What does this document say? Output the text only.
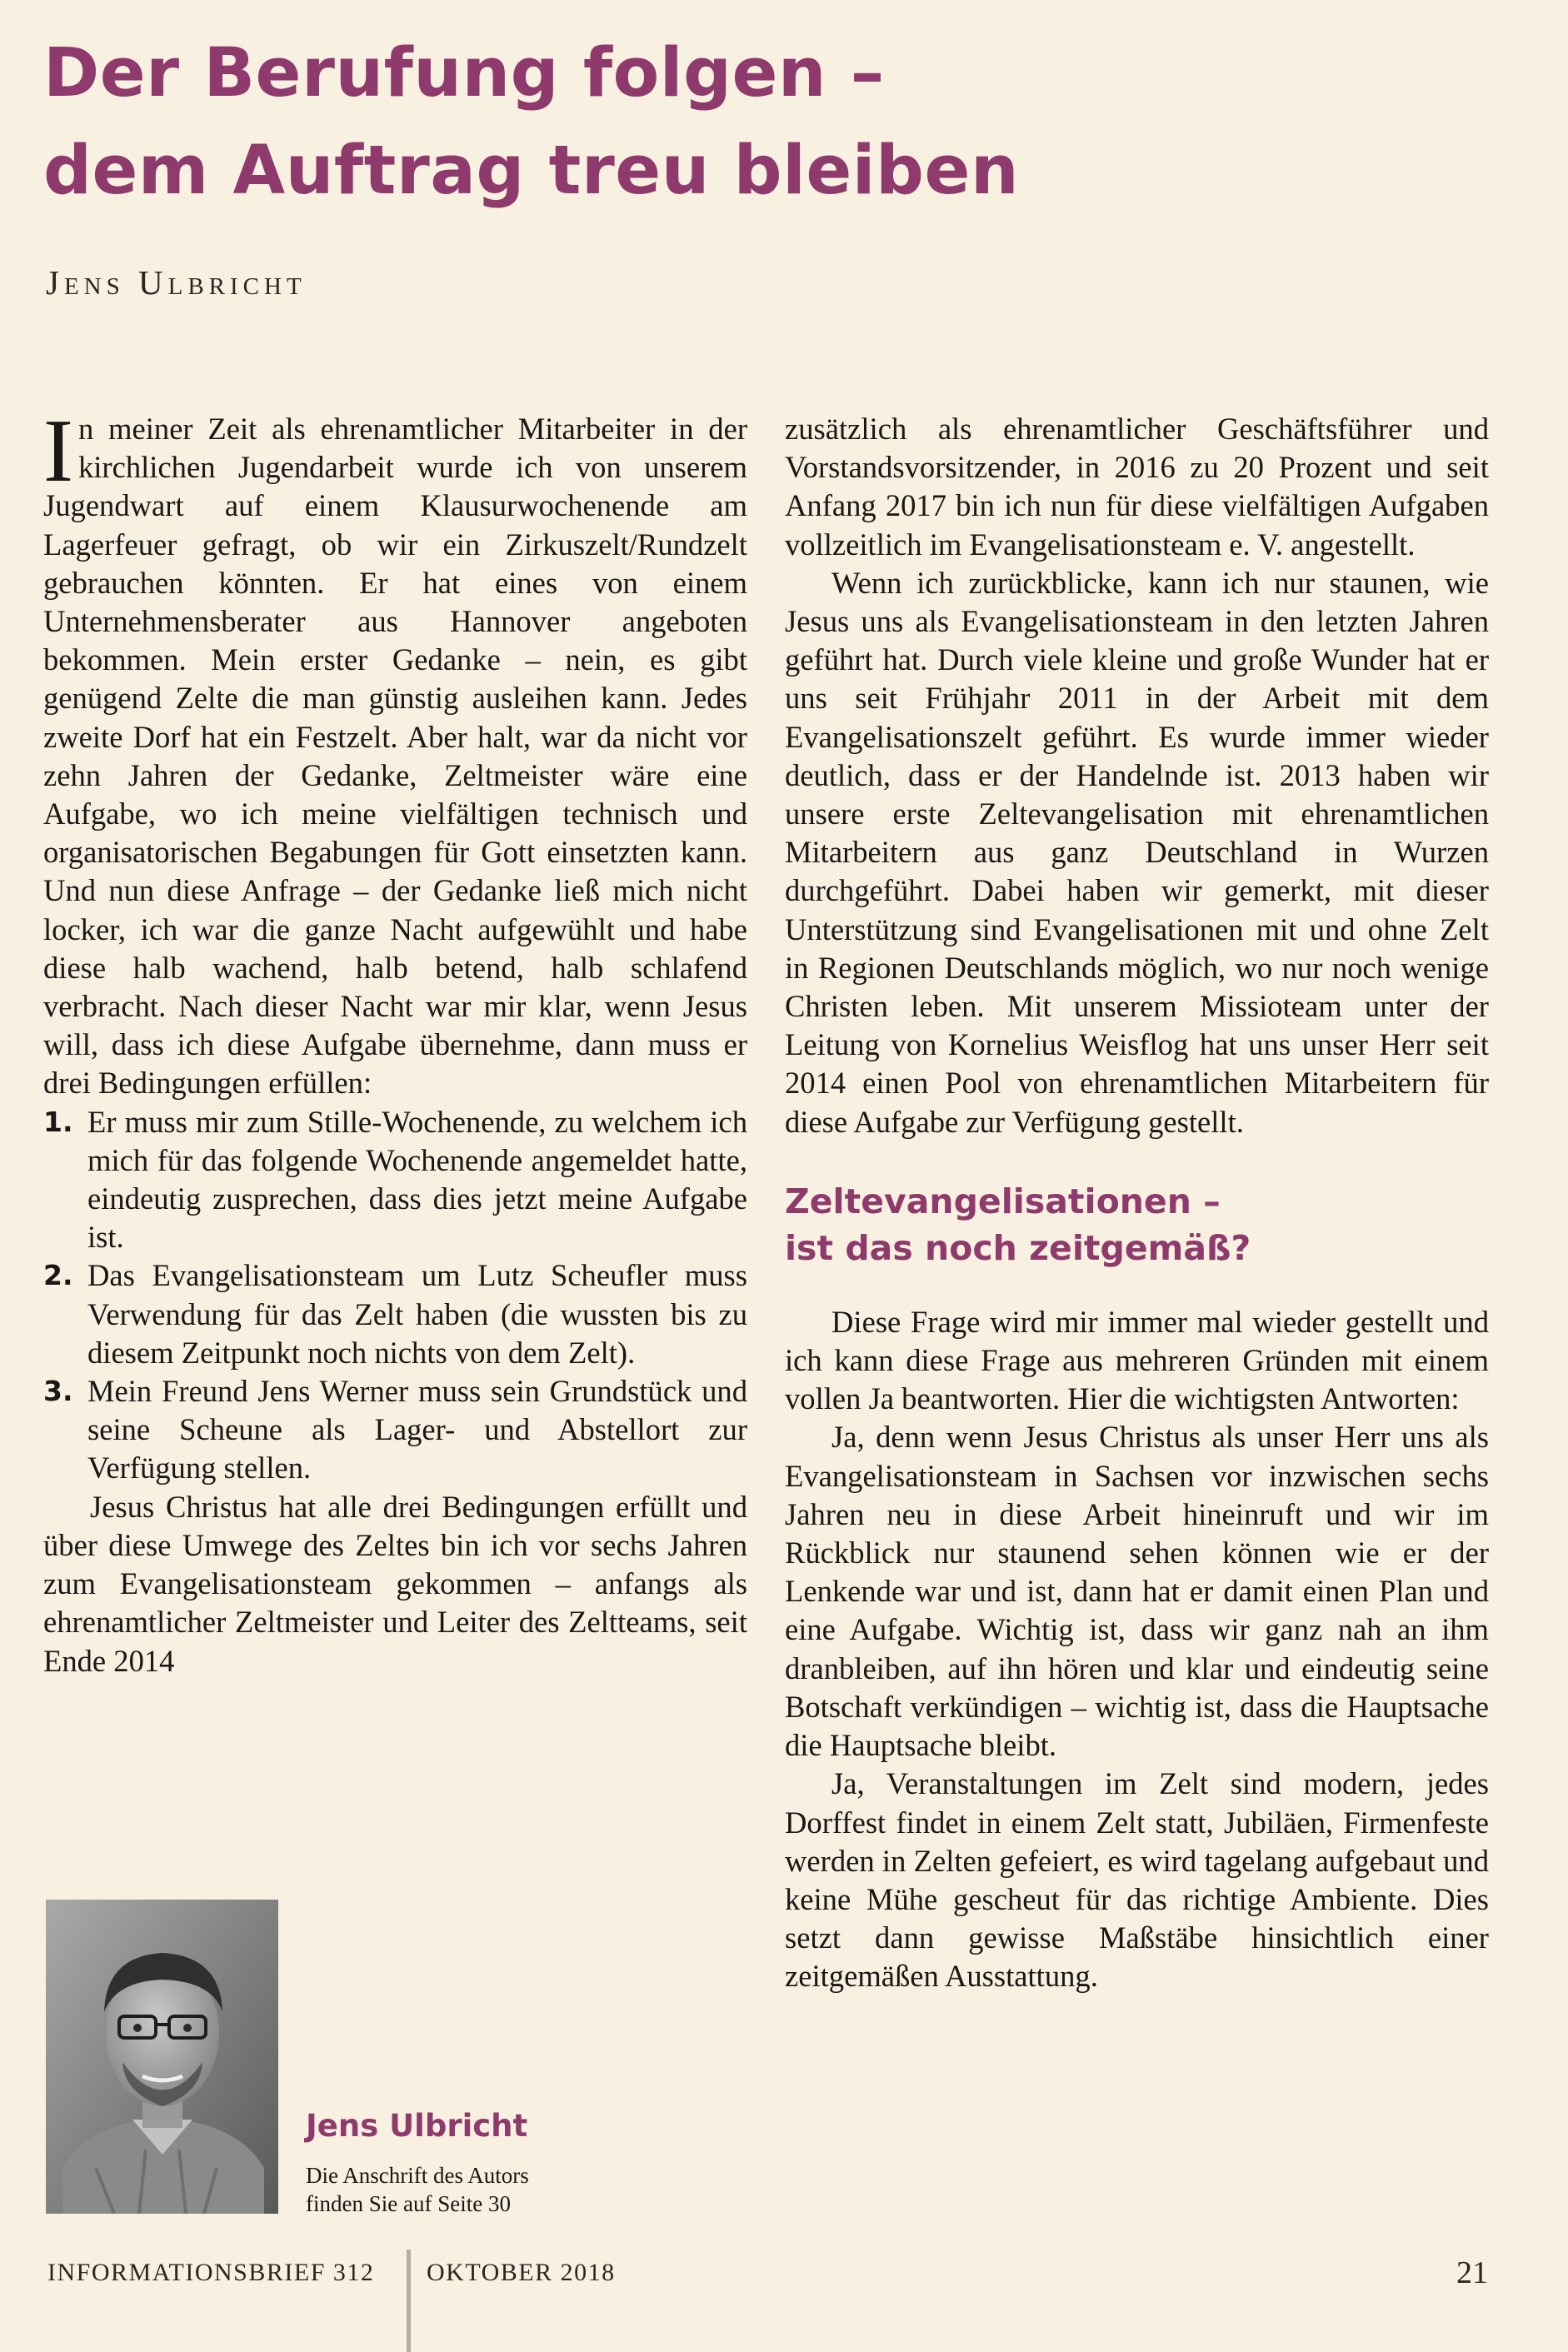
Der Berufung folgen –
dem Auftrag treu bleiben
Jens Ulbricht

In meiner Zeit als ehrenamtlicher Mitarbeiter in der kirchlichen Jugendarbeit wurde ich von unserem Jugendwart auf einem Klausurwochenende am Lagerfeuer gefragt, ob wir ein Zirkuszelt/Rundzelt gebrauchen könnten. Er hat eines von einem Unternehmensberater aus Hannover angeboten bekommen. Mein erster Gedanke – nein, es gibt genügend Zelte die man günstig ausleihen kann. Jedes zweite Dorf hat ein Festzelt. Aber halt, war da nicht vor zehn Jahren der Gedanke, Zeltmeister wäre eine Aufgabe, wo ich meine vielfältigen technisch und organisatorischen Begabungen für Gott einsetzten kann. Und nun diese Anfrage – der Gedanke ließ mich nicht locker, ich war die ganze Nacht aufgewühlt und habe diese halb wachend, halb betend, halb schlafend verbracht. Nach dieser Nacht war mir klar, wenn Jesus will, dass ich diese Aufgabe übernehme, dann muss er drei Bedingungen erfüllen:

1. Er muss mir zum Stille-Wochenende, zu welchem ich mich für das folgende Wochenende angemeldet hatte, eindeutig zusprechen, dass dies jetzt meine Aufgabe ist.
2. Das Evangelisationsteam um Lutz Scheufler muss Verwendung für das Zelt haben (die wussten bis zu diesem Zeitpunkt noch nichts von dem Zelt).
3. Mein Freund Jens Werner muss sein Grundstück und seine Scheune als Lager- und Abstellort zur Verfügung stellen.

Jesus Christus hat alle drei Bedingungen erfüllt und über diese Umwege des Zeltes bin ich vor sechs Jahren zum Evangelisationsteam gekommen – anfangs als ehrenamtlicher Zeltmeister und Leiter des Zeltteams, seit Ende 2014

zusätzlich als ehrenamtlicher Geschäftsführer und Vorstandsvorsitzender, in 2016 zu 20 Prozent und seit Anfang 2017 bin ich nun für diese vielfältigen Aufgaben vollzeitlich im Evangelisationsteam e. V. angestellt.

Wenn ich zurückblicke, kann ich nur staunen, wie Jesus uns als Evangelisationsteam in den letzten Jahren geführt hat. Durch viele kleine und große Wunder hat er uns seit Frühjahr 2011 in der Arbeit mit dem Evangelisationszelt geführt. Es wurde immer wieder deutlich, dass er der Handelnde ist. 2013 haben wir unsere erste Zeltevangelisation mit ehrenamtlichen Mitarbeitern aus ganz Deutschland in Wurzen durchgeführt. Dabei haben wir gemerkt, mit dieser Unterstützung sind Evangelisationen mit und ohne Zelt in Regionen Deutschlands möglich, wo nur noch wenige Christen leben. Mit unserem Missioteam unter der Leitung von Kornelius Weisflog hat uns unser Herr seit 2014 einen Pool von ehrenamtlichen Mitarbeitern für diese Aufgabe zur Verfügung gestellt.

Zeltevangelisationen –
ist das noch zeitgemäß?

Diese Frage wird mir immer mal wieder gestellt und ich kann diese Frage aus mehreren Gründen mit einem vollen Ja beantworten. Hier die wichtigsten Antworten:

Ja, denn wenn Jesus Christus als unser Herr uns als Evangelisationsteam in Sachsen vor inzwischen sechs Jahren neu in diese Arbeit hineinruft und wir im Rückblick nur staunend sehen können wie er der Lenkende war und ist, dann hat er damit einen Plan und eine Aufgabe. Wichtig ist, dass wir ganz nah an ihm dranbleiben, auf ihn hören und klar und eindeutig seine Botschaft verkündigen – wichtig ist, dass die Hauptsache die Hauptsache bleibt.

Ja, Veranstaltungen im Zelt sind modern, jedes Dorffest findet in einem Zelt statt, Jubiläen, Firmenfeste werden in Zelten gefeiert, es wird tagelang aufgebaut und keine Mühe gescheut für das richtige Ambiente. Dies setzt dann gewisse Maßstäbe hinsichtlich einer zeitgemäßen Ausstattung.

Jens Ulbricht
Die Anschrift des Autors
finden Sie auf Seite 30
INFORMATIONSBRIEF 312 OKTOBER 2018	21
